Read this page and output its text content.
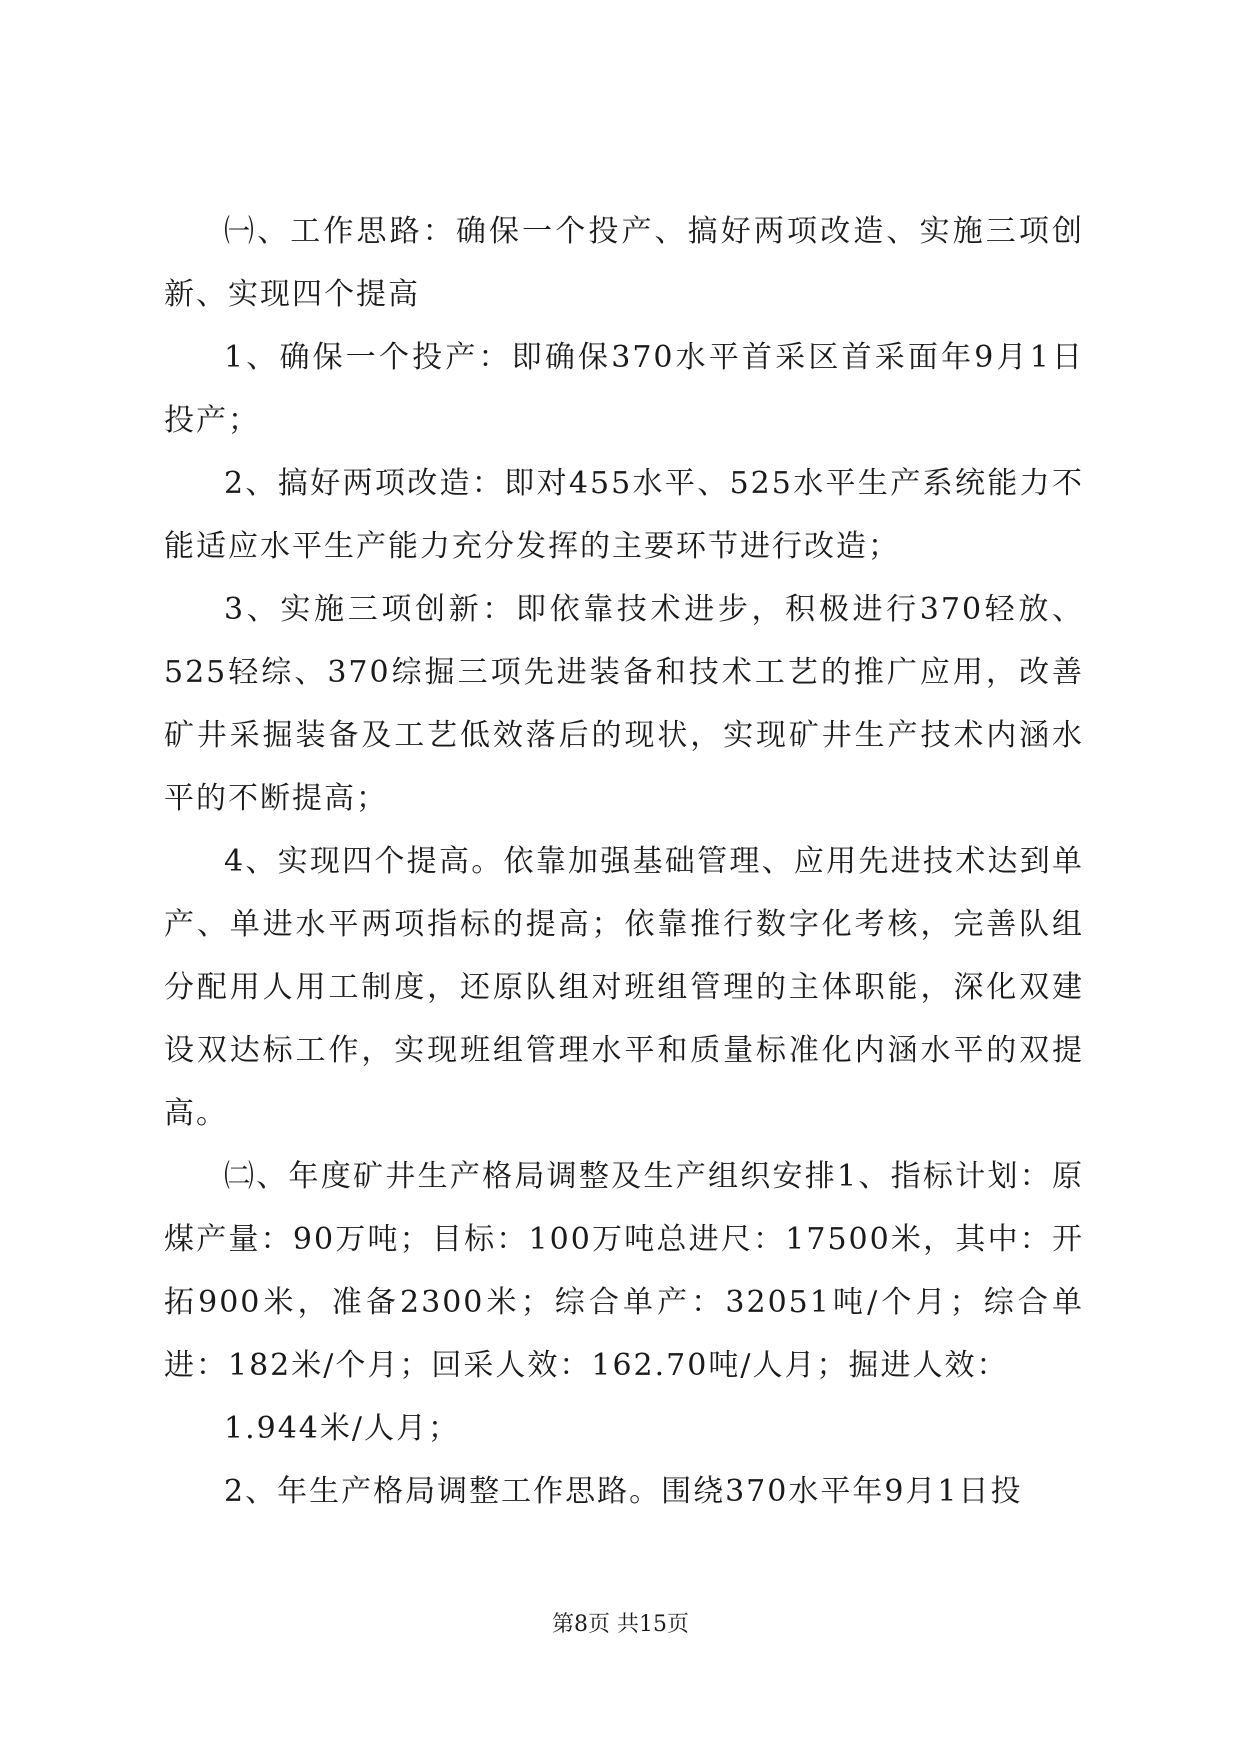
㈠、工作思路：确保一个投产、搞好两项改造、实施三项创新、实现四个提高

1、确保一个投产：即确保370水平首采区首采面年9月1日投产；

2、搞好两项改造：即对455水平、525水平生产系统能力不能适应水平生产能力充分发挥的主要环节进行改造；

3、实施三项创新：即依靠技术进步，积极进行370轻放、525轻综、370综掘三项先进装备和技术工艺的推广应用，改善矿井采掘装备及工艺低效落后的现状，实现矿井生产技术内涵水平的不断提高；

4、实现四个提高。依靠加强基础管理、应用先进技术达到单产、单进水平两项指标的提高；依靠推行数字化考核，完善队组分配用人用工制度，还原队组对班组管理的主体职能，深化双建设双达标工作，实现班组管理水平和质量标准化内涵水平的双提高。

㈡、年度矿井生产格局调整及生产组织安排1、指标计划：原煤产量：90万吨；目标：100万吨总进尺：17500米，其中：开拓900米，准备2300米；综合单产：32051吨/个月；综合单进：182米/个月；回采人效：162.70吨/人月；掘进人效：

1.944米/人月；

2、年生产格局调整工作思路。围绕370水平年9月1日投

第8页 共15页
